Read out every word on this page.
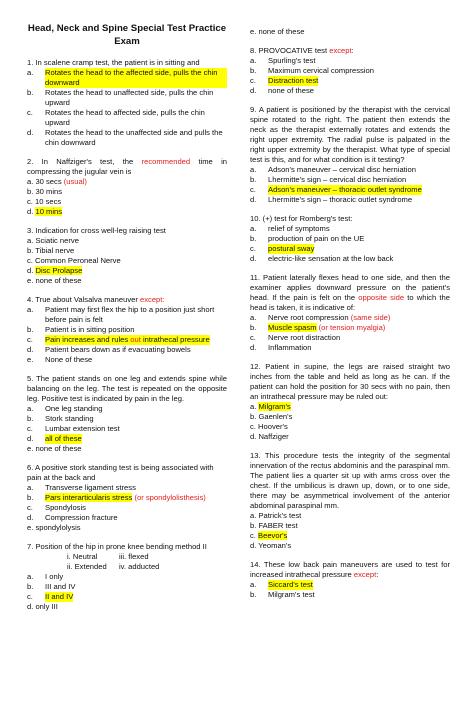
Head, Neck and Spine Special Test Practice Exam
1. In scalene cramp test, the patient is in sitting and
a.	Rotates the head to the affected side, pulls the chin downward
b.	Rotates the head to unaffected side, pulls the chin upward
c.	Rotates the head to affected side, pulls the chin upward
d.	Rotates the head to the unaffected side and pulls the chin downward
2. In Naffziger's test, the recommended time in compressing the jugular vein is
a. 30 secs (usual)
b. 30 mins
c. 10 secs
d. 10 mins
3. Indication for cross well-leg raising test
a. Sciatic nerve
b. Tibial nerve
c. Common Peroneal Nerve
d. Disc Prolapse
e. none of these
4. True about Valsalva maneuver except:
a.	Patient may first flex the hip to a position just short before pain is felt
b.	Patient is in sitting position
c.	Pain increases and rules out intrathecal pressure
d.	Patient bears down as if evacuating bowels
e.	None of these
5. The patient stands on one leg and extends spine while balancing on the leg. The test is repeated on the opposite leg. Positive test is indicated by pain in the leg.
a.	One leg standing
b.	Stork standing
c.	Lumbar extension test
d.	all of these
e. none of these
6. A positive stork standing test is being associated with pain at the back and
a.	Transverse ligament stress
b.	Pars interarticularis stress (or spondylolisthesis)
c.	Spondylosis
d.	Compression fracture
e. spondylolysis
7. Position of the hip in prone knee bending method II
i. Neutral	iii. flexed
ii. Extended iv. adducted
a.	I only
b.	III and IV
c.	II and IV
d. only III
e. none of these
8. PROVOCATIVE test except:
a.	Spurling's test
b.	Maximum cervical compression
c.	Distraction test
d.	none of these
9. A patient is positioned by the therapist with the cervical spine rotated to the right. The patient then extends the neck as the therapist externally rotates and extends the right upper extremity. The radial pulse is palpated in the right upper extremity by the therapist. What type of special test is this, and for what condition is it testing?
a.	Adson's maneuver – cervical disc herniation
b.	Lhermitte's sign – cervical disc herniation
c.	Adson's maneuver – thoracic outlet syndrome
d.	Lhermitte's sign – thoracic outlet syndrome
10. (+) test for Romberg's test:
a.	relief of symptoms
b.	production of pain on the UE
c.	postural sway
d.	electric-like sensation at the low back
11. Patient laterally flexes head to one side, and then the examiner applies downward pressure on the patient's head. If the pain is felt on the opposite side to which the head is taken, it is indicative of:
a.	Nerve root compression (same side)
b.	Muscle spasm (or tension myalgia)
c.	Nerve root distraction
d.	Inflammation
12. Patient in supine, the legs are raised straight two inches from the table and held as long as he can. If the patient can hold the position for 30 secs with no pain, then an intrathecal pressure may be ruled out:
a. Milgram's
b. Gaenlen's
c. Hoover's
d. Naffziger
13. This procedure tests the integrity of the segmental innervation of the rectus abdominis and the paraspinal mm. The patient lies a quarter sit up with arms cross over the chest. If the umbilicus is drawn up, down, or to one side, there may be asymmetrical involvement of the anterior abdominal paraspinal mm.
a. Patrick's test
b. FABER test
c. Beevor's
d. Yeoman's
14. These low back pain maneuvers are used to test for increased intrathecal pressure except:
a.	Siccard's test
b.	Milgram's test
